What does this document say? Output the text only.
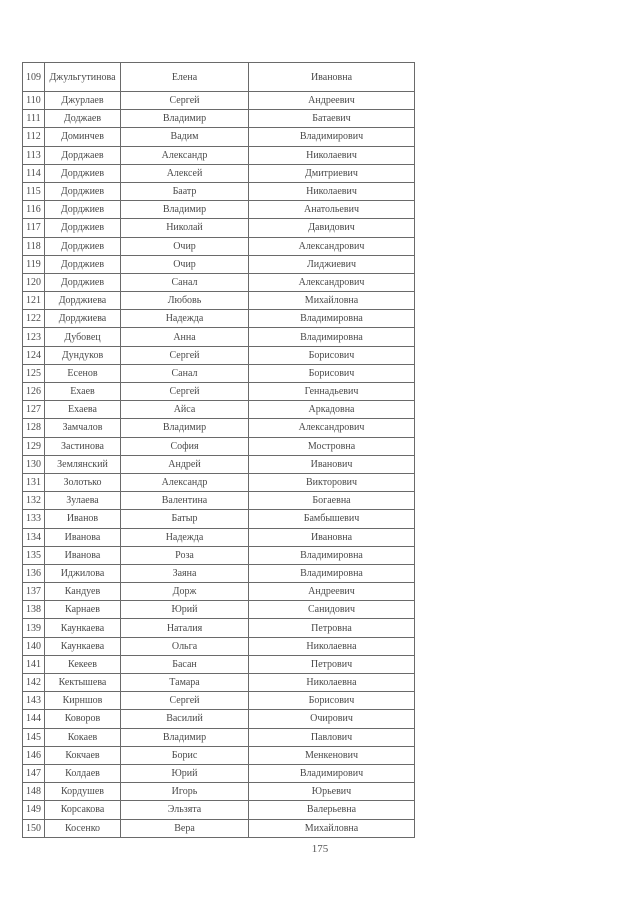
109	Джульгутинова	Елена	Ивановна
110	Джурлаев	Сергей	Андреевич
111	Доджаев	Владимир	Батаевич
112	Доминчев	Вадим	Владимирович
113	Дорджаев	Александр	Николаевич
114	Дорджиев	Алексей	Дмитриевич
115	Дорджиев	Баатр	Николаевич
116	Дорджиев	Владимир	Анатольевич
117	Дорджиев	Николай	Давидович
118	Дорджиев	Очир	Александрович
119	Дорджиев	Очир	Лиджиевич
120	Дорджиев	Санал	Александрович
121	Дорджиева	Любовь	Михайловна
122	Дорджиева	Надежда	Владимировна
123	Дубовец	Анна	Владимировна
124	Дундуков	Сергей	Борисович
125	Есенов	Санал	Борисович
126	Ехаев	Сергей	Геннадьевич
127	Ехаева	Айса	Аркадовна
128	Замчалов	Владимир	Александрович
129	Застинова	София	Мостровна
130	Землянский	Андрей	Иванович
131	Золотько	Александр	Викторович
132	Зулаева	Валентина	Богаевна
133	Иванов	Батыр	Бамбышевич
134	Иванова	Надежда	Ивановна
135	Иванова	Роза	Владимировна
136	Иджилова	Заяна	Владимировна
137	Кандуев	Дорж	Андреевич
138	Карнаев	Юрий	Санидович
139	Каункаева	Наталия	Петровна
140	Каункаева	Ольга	Николаевна
141	Кекеев	Басан	Петрович
142	Кектышева	Тамара	Николаевна
143	Кирншов	Сергей	Борисович
144	Коворов	Василий	Очирович
145	Кокаев	Владимир	Павлович
146	Кокчаев	Борис	Менкенович
147	Колдаев	Юрий	Владимирович
148	Кордушев	Игорь	Юрьевич
149	Корсакова	Эльзята	Валерьевна
150	Косенко	Вера	Михайловна
175
